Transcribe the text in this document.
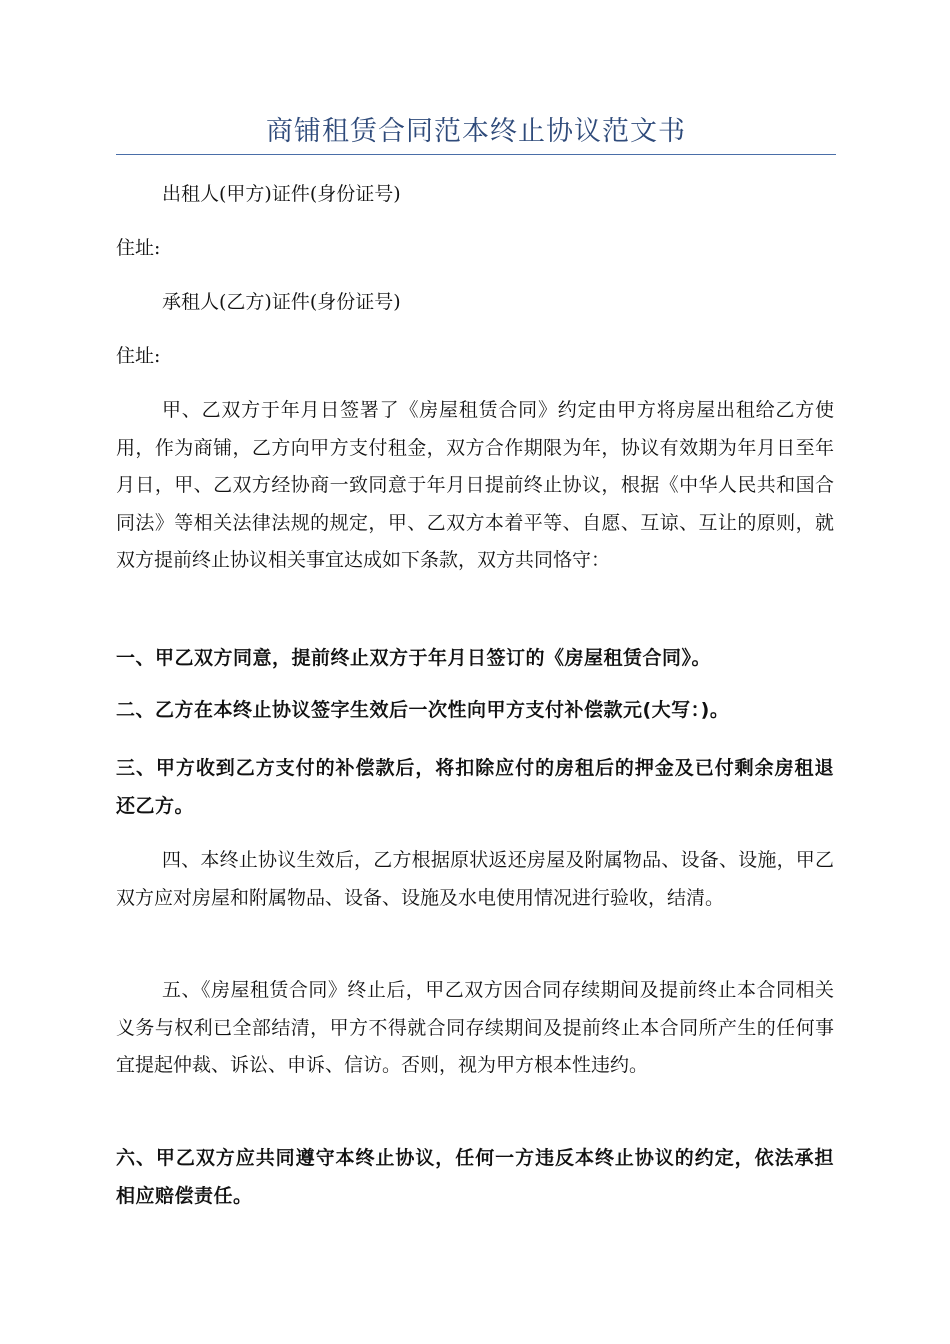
商铺租赁合同范本终止协议范文书

出租人(甲方)证件(身份证号)

住址:

承租人(乙方)证件(身份证号)

住址:

甲、乙双方于年月日签署了《房屋租赁合同》约定由甲方将房屋出租给乙方使用，作为商铺，乙方向甲方支付租金，双方合作期限为年，协议有效期为年月日至年月日，甲、乙双方经协商一致同意于年月日提前终止协议，根据《中华人民共和国合同法》等相关法律法规的规定，甲、乙双方本着平等、自愿、互谅、互让的原则，就双方提前终止协议相关事宜达成如下条款，双方共同恪守：

一、甲乙双方同意，提前终止双方于年月日签订的《房屋租赁合同》。

二、乙方在本终止协议签字生效后一次性向甲方支付补偿款元(大写：)。

三、甲方收到乙方支付的补偿款后，将扣除应付的房租后的押金及已付剩余房租退还乙方。

四、本终止协议生效后，乙方根据原状返还房屋及附属物品、设备、设施，甲乙双方应对房屋和附属物品、设备、设施及水电使用情况进行验收，结清。

五、《房屋租赁合同》终止后，甲乙双方因合同存续期间及提前终止本合同相关义务与权利已全部结清，甲方不得就合同存续期间及提前终止本合同所产生的任何事宜提起仲裁、诉讼、申诉、信访。否则，视为甲方根本性违约。

六、甲乙双方应共同遵守本终止协议，任何一方违反本终止协议的约定，依法承担相应赔偿责任。
